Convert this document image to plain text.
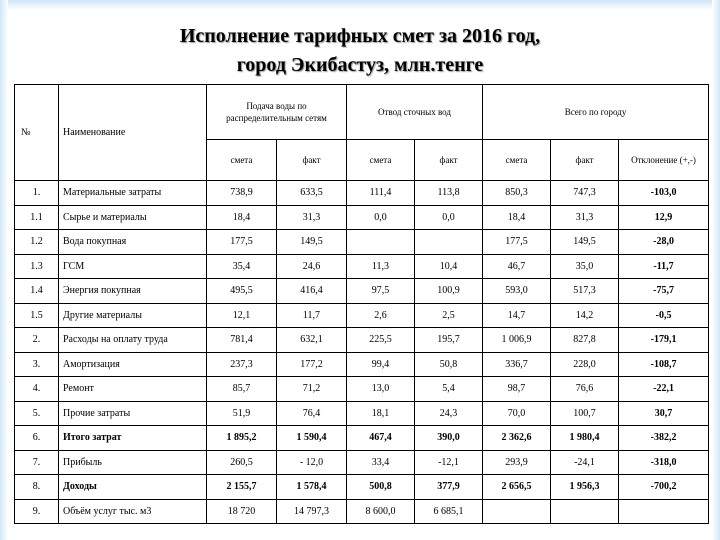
Исполнение тарифных смет за 2016 год,
город Экибастуз, млн.тенге
№	Наименование	Подача воды по распределительным сетям		Отвод сточных вод		Всего по городу		
		смета	факт	смета	факт	смета	факт	Отклонение (+,-)
1.	Материальные затраты	738,9	633,5	111,4	113,8	850,3	747,3	-103,0
1.1	Сырье и материалы	18,4	31,3	0,0	0,0	18,4	31,3	12,9
1.2	Вода покупная	177,5	149,5			177,5	149,5	-28,0
1.3	ГСМ	35,4	24,6	11,3	10,4	46,7	35,0	-11,7
1.4	Энергия покупная	495,5	416,4	97,5	100,9	593,0	517,3	-75,7
1.5	Другие материалы	12,1	11,7	2,6	2,5	14,7	14,2	-0,5
2.	Расходы на оплату труда	781,4	632,1	225,5	195,7	1 006,9	827,8	-179,1
3.	Амортизация	237,3	177,2	99,4	50,8	336,7	228,0	-108,7
4.	Ремонт	85,7	71,2	13,0	5,4	98,7	76,6	-22,1
5.	Прочие затраты	51,9	76,4	18,1	24,3	70,0	100,7	30,7
6.	Итого затрат	1 895,2	1 590,4	467,4	390,0	2 362,6	1 980,4	-382,2
7.	Прибыль	260,5	- 12,0	33,4	-12,1	293,9	-24,1	-318,0
8.	Доходы	2 155,7	1 578,4	500,8	377,9	2 656,5	1 956,3	-700,2
9.	Объём услуг тыс. м3	18 720	14 797,3	8 600,0	6 685,1			
